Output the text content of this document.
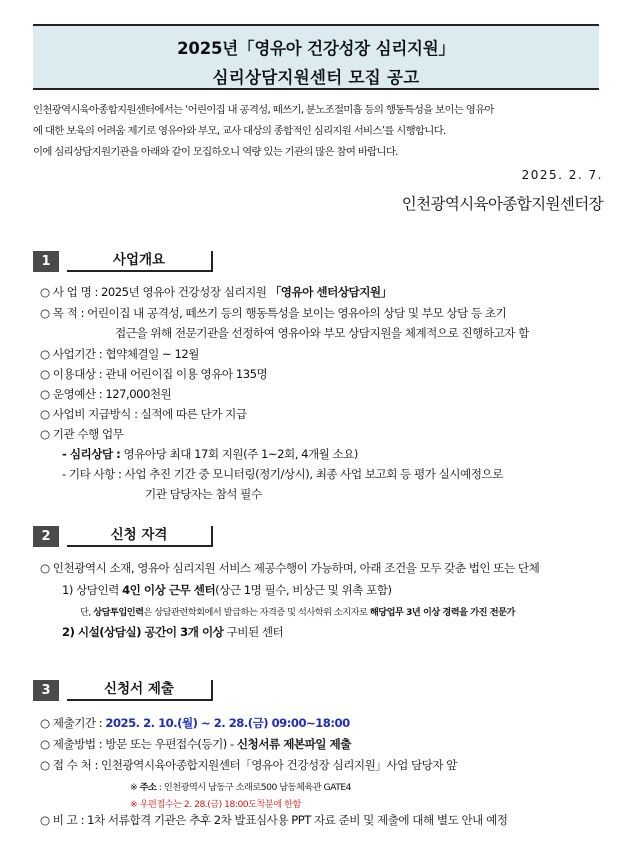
2025년「영유아 건강성장 심리지원」
심리상담지원센터 모집 공고
인천광역시육아종합지원센터에서는 ‘어린이집 내 공격성, 떼쓰기, 분노조절미흡 등의 행동특성을 보이는 영유아
에 대한 보육의 어려움 제기로 영유아와 부모, 교사 대상의 종합적인 심리지원 서비스’를 시행합니다.
이에 심리상담지원기관을 아래와 같이 모집하오니 역량 있는 기관의 많은 참여 바랍니다.
2025. 2. 7.
인천광역시육아종합지원센터장
1	사업개요
○ 사 업 명 : 2025년 영유아 건강성장 심리지원 「영유아 센터상담지원」
○ 목 적 : 어린이집 내 공격성, 떼쓰기 등의 행동특성을 보이는 영유아의 상담 및 부모 상담 등 초기
접근을 위해 전문기관을 선정하여 영유아와 부모 상담지원을 체계적으로 진행하고자 함
○ 사업기간 : 협약체결일 ~ 12월
○ 이용대상 : 관내 어린이집 이용 영유아 135명
○ 운영예산 : 127,000천원
○ 사업비 지급방식 : 실적에 따른 단가 지급
○ 기관 수행 업무
- 심리상담 : 영유아당 최대 17회 지원(주 1~2회, 4개월 소요)
- 기타 사항 : 사업 추진 기간 중 모니터링(정기/상시), 최종 사업 보고회 등 평가 실시예정으로
기관 담당자는 참석 필수
2	신청 자격
○ 인천광역시 소재, 영유아 심리지원 서비스 제공수행이 가능하며, 아래 조건을 모두 갖춘 법인 또는 단체
1) 상담인력 4인 이상 근무 센터(상근 1명 필수, 비상근 및 위촉 포함)
단, 상담투입인력은 상담관련학회에서 발급하는 자격증 및 석사학위 소지자로 해당업무 3년 이상 경력을 가진 전문가
2) 시설(상담실) 공간이 3개 이상 구비된 센터
3	신청서 제출
○ 제출기간 : 2025. 2. 10.(월) ~ 2. 28.(금) 09:00~18:00
○ 제출방법 : 방문 또는 우편접수(등기) - 신청서류 제본파일 제출
○ 접 수 처 : 인천광역시육아종합지원센터「영유아 건강성장 심리지원」사업 담당자 앞
※ 주소 : 인천광역시 남동구 소래로500 남동체육관 GATE4
※ 우편접수는 2. 28.(금) 18:00도착분에 한함
○ 비 고 : 1차 서류합격 기관은 추후 2차 발표심사용 PPT 자료 준비 및 제출에 대해 별도 안내 예정
